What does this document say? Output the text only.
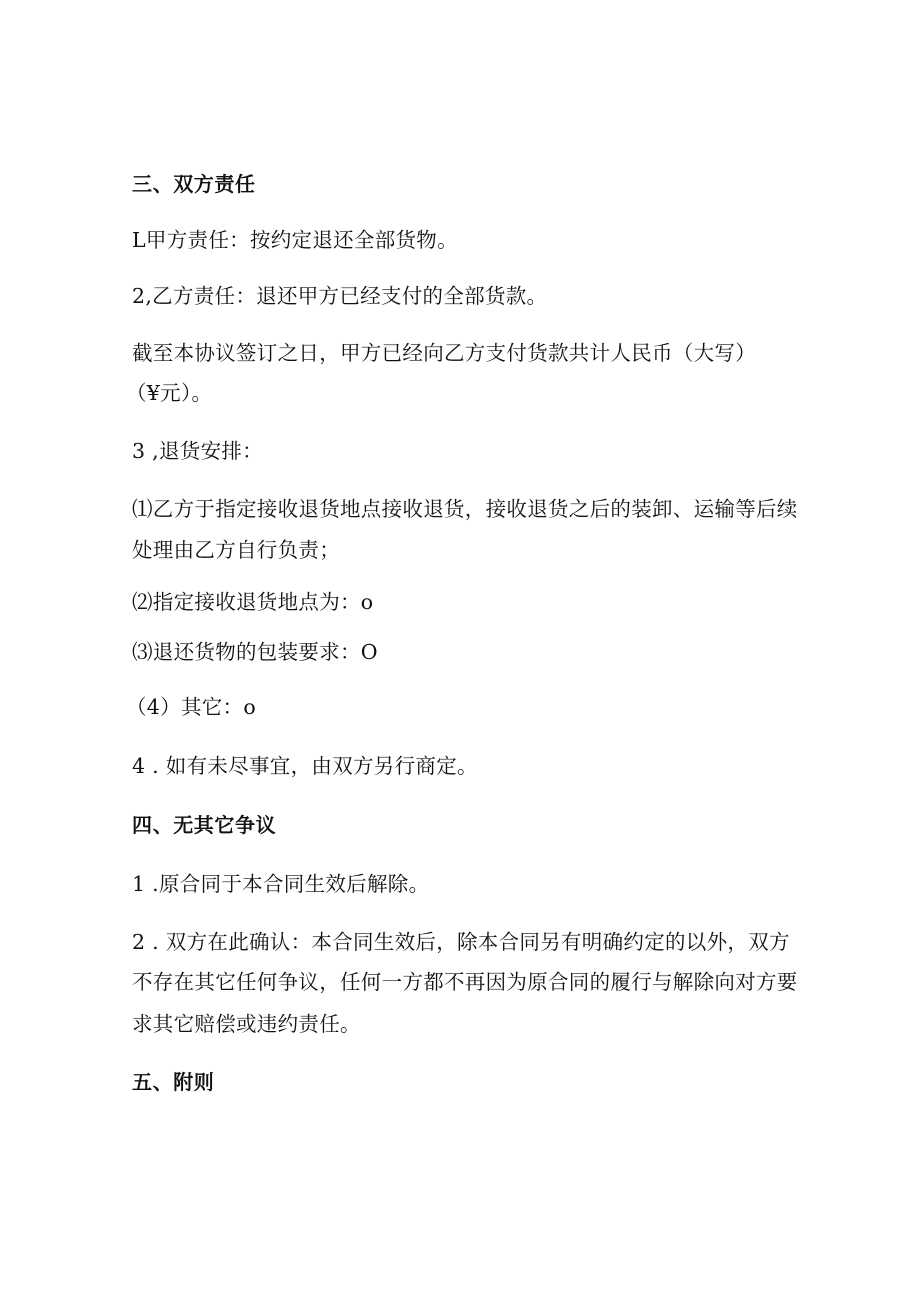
三、双方责任
L甲方责任：按约定退还全部货物。
2,乙方责任：退还甲方已经支付的全部货款。
截至本协议签订之日，甲方已经向乙方支付货款共计人民币（大写）
（¥元）。
3 ,退货安排：
⑴乙方于指定接收退货地点接收退货，接收退货之后的装卸、运输等后续
处理由乙方自行负责；
⑵指定接收退货地点为：o
⑶退还货物的包装要求：O
（4）其它：o
4 . 如有未尽事宜，由双方另行商定。
四、无其它争议
1 .原合同于本合同生效后解除。
2 . 双方在此确认：本合同生效后，除本合同另有明确约定的以外，双方
不存在其它任何争议，任何一方都不再因为原合同的履行与解除向对方要
求其它赔偿或违约责任。
五、附则
